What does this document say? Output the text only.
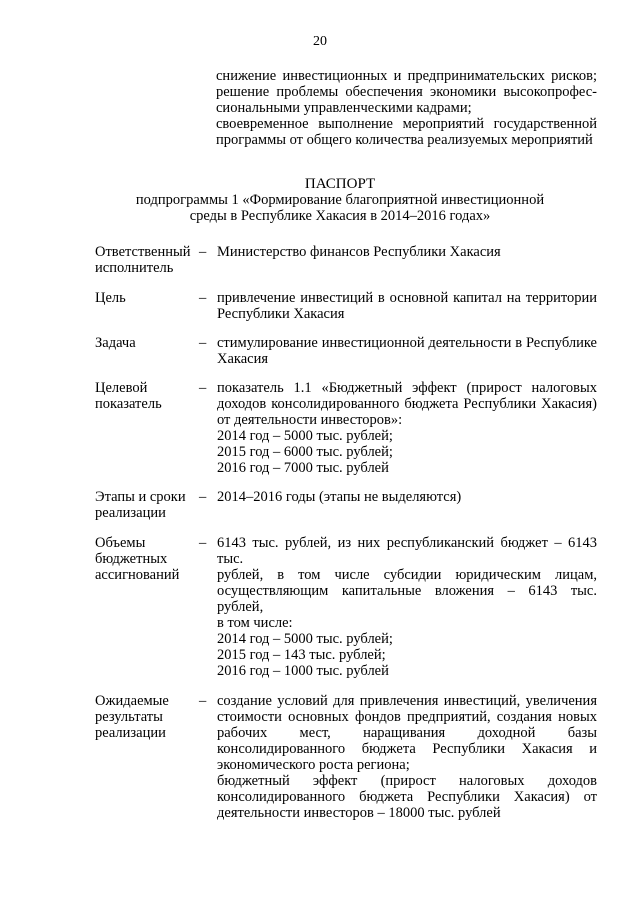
20
снижение инвестиционных и предпринимательских рисков;
решение проблемы обеспечения экономики высокопрофес-
сиональными управленческими кадрами;
своевременное выполнение мероприятий государственной
программы от общего количества реализуемых мероприятий
ПАСПОРТ
подпрограммы 1 «Формирование благоприятной инвестиционной
среды в Республике Хакасия в 2014–2016 годах»
Ответственный
исполнитель
– Министерство финансов Республики Хакасия
Цель	– привлечение инвестиций в основной капитал на территории
Республики Хакасия
Задача	– стимулирование инвестиционной деятельности в Республике
Хакасия
Целевой
показатель
– показатель 1.1 «Бюджетный эффект (прирост налоговых
доходов консолидированного бюджета Республики Хакасия)
от деятельности инвесторов»:
2014 год – 5000 тыс. рублей;
2015 год – 6000 тыс. рублей;
2016 год – 7000 тыс. рублей
Этапы и сроки
реализации
– 2014–2016 годы (этапы не выделяются)
Объемы
бюджетных
ассигнований
– 6143 тыс. рублей, из них республиканский бюджет – 6143 тыс.
рублей, в том числе субсидии юридическим лицам,
осуществляющим капитальные вложения – 6143 тыс. рублей,
в том числе:
2014 год – 5000 тыс. рублей;
2015 год – 143 тыс. рублей;
2016 год – 1000 тыс. рублей
Ожидаемые
результаты
реализации
– создание условий для привлечения инвестиций, увеличения
стоимости основных фондов предприятий, создания новых
рабочих мест, наращивания доходной базы
консолидированного бюджета Республики Хакасия и
экономического роста региона;
бюджетный эффект (прирост налоговых доходов
консолидированного бюджета Республики Хакасия) от
деятельности инвесторов – 18000 тыс. рублей
